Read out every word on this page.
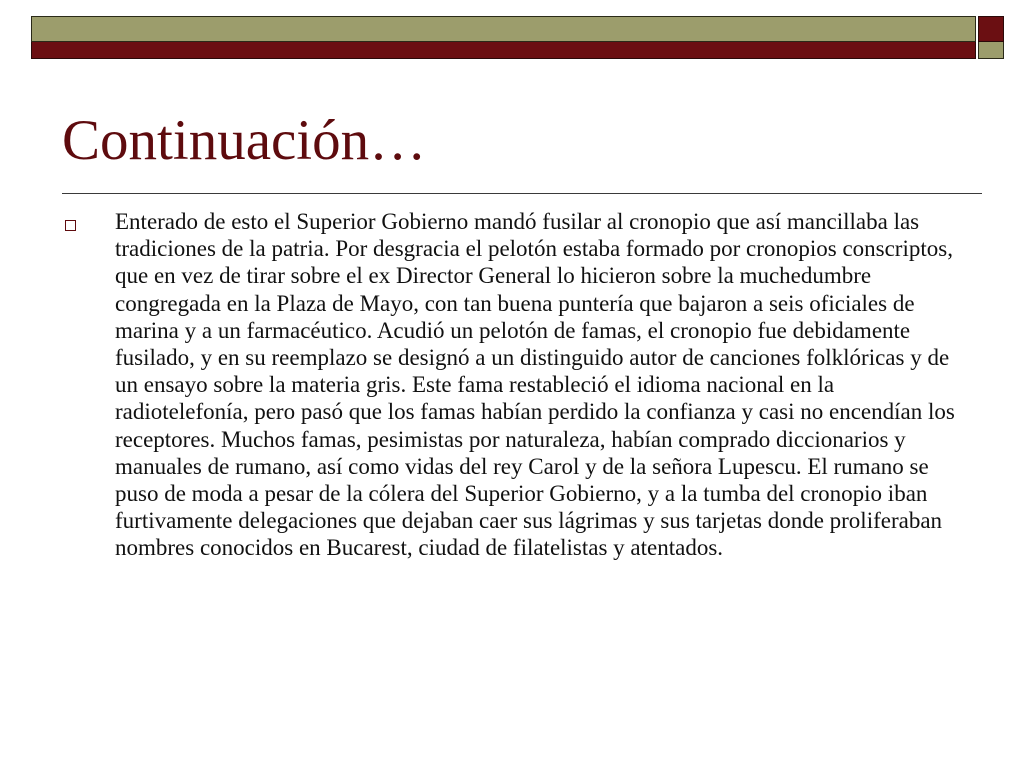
Continuación…

Enterado de esto el Superior Gobierno mandó fusilar al cronopio que así mancillaba las tradiciones de la patria. Por desgracia el pelotón estaba formado por cronopios conscriptos, que en vez de tirar sobre el ex Director General lo hicieron sobre la muchedumbre congregada en la Plaza de Mayo, con tan buena puntería que bajaron a seis oficiales de marina y a un farmacéutico. Acudió un pelotón de famas, el cronopio fue debidamente fusilado, y en su reemplazo se designó a un distinguido autor de canciones folklóricas y de un ensayo sobre la materia gris. Este fama restableció el idioma nacional en la radiotelefonía, pero pasó que los famas habían perdido la confianza y casi no encendían los receptores. Muchos famas, pesimistas por naturaleza, habían comprado diccionarios y manuales de rumano, así como vidas del rey Carol y de la señora Lupescu. El rumano se puso de moda a pesar de la cólera del Superior Gobierno, y a la tumba del cronopio iban furtivamente delegaciones que dejaban caer sus lágrimas y sus tarjetas donde proliferaban nombres conocidos en Bucarest, ciudad de filatelistas y atentados.
